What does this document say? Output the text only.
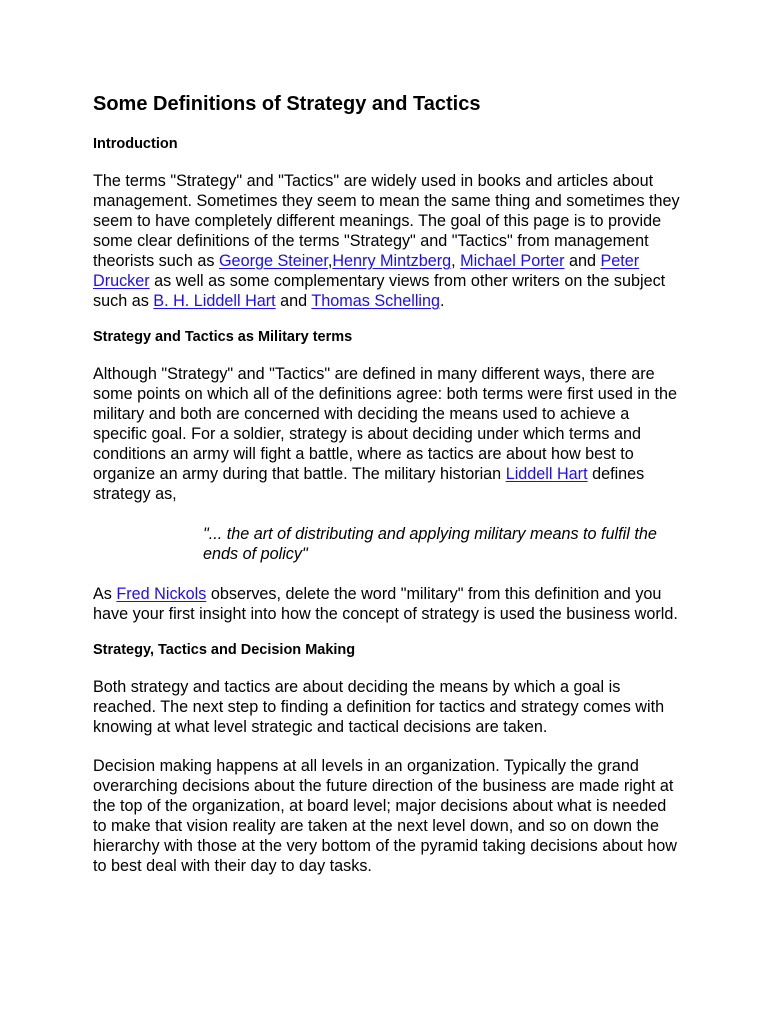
Some Definitions of Strategy and Tactics
Introduction

The terms "Strategy" and "Tactics" are widely used in books and articles about management. Sometimes they seem to mean the same thing and sometimes they seem to have completely different meanings. The goal of this page is to provide some clear definitions of the terms "Strategy" and "Tactics" from management theorists such as George Steiner,Henry Mintzberg, Michael Porter and Peter Drucker as well as some complementary views from other writers on the subject such as B. H. Liddell Hart and Thomas Schelling.

Strategy and Tactics as Military terms

Although "Strategy" and "Tactics" are defined in many different ways, there are some points on which all of the definitions agree: both terms were first used in the military and both are concerned with deciding the means used to achieve a specific goal. For a soldier, strategy is about deciding under which terms and conditions an army will fight a battle, where as tactics are about how best to organize an army during that battle. The military historian Liddell Hart defines strategy as,

"... the art of distributing and applying military means to fulfil the ends of policy"

As Fred Nickols observes, delete the word "military" from this definition and you have your first insight into how the concept of strategy is used the business world.

Strategy, Tactics and Decision Making

Both strategy and tactics are about deciding the means by which a goal is reached. The next step to finding a definition for tactics and strategy comes with knowing at what level strategic and tactical decisions are taken.

Decision making happens at all levels in an organization. Typically the grand overarching decisions about the future direction of the business are made right at the top of the organization, at board level; major decisions about what is needed to make that vision reality are taken at the next level down, and so on down the hierarchy with those at the very bottom of the pyramid taking decisions about how to best deal with their day to day tasks.
